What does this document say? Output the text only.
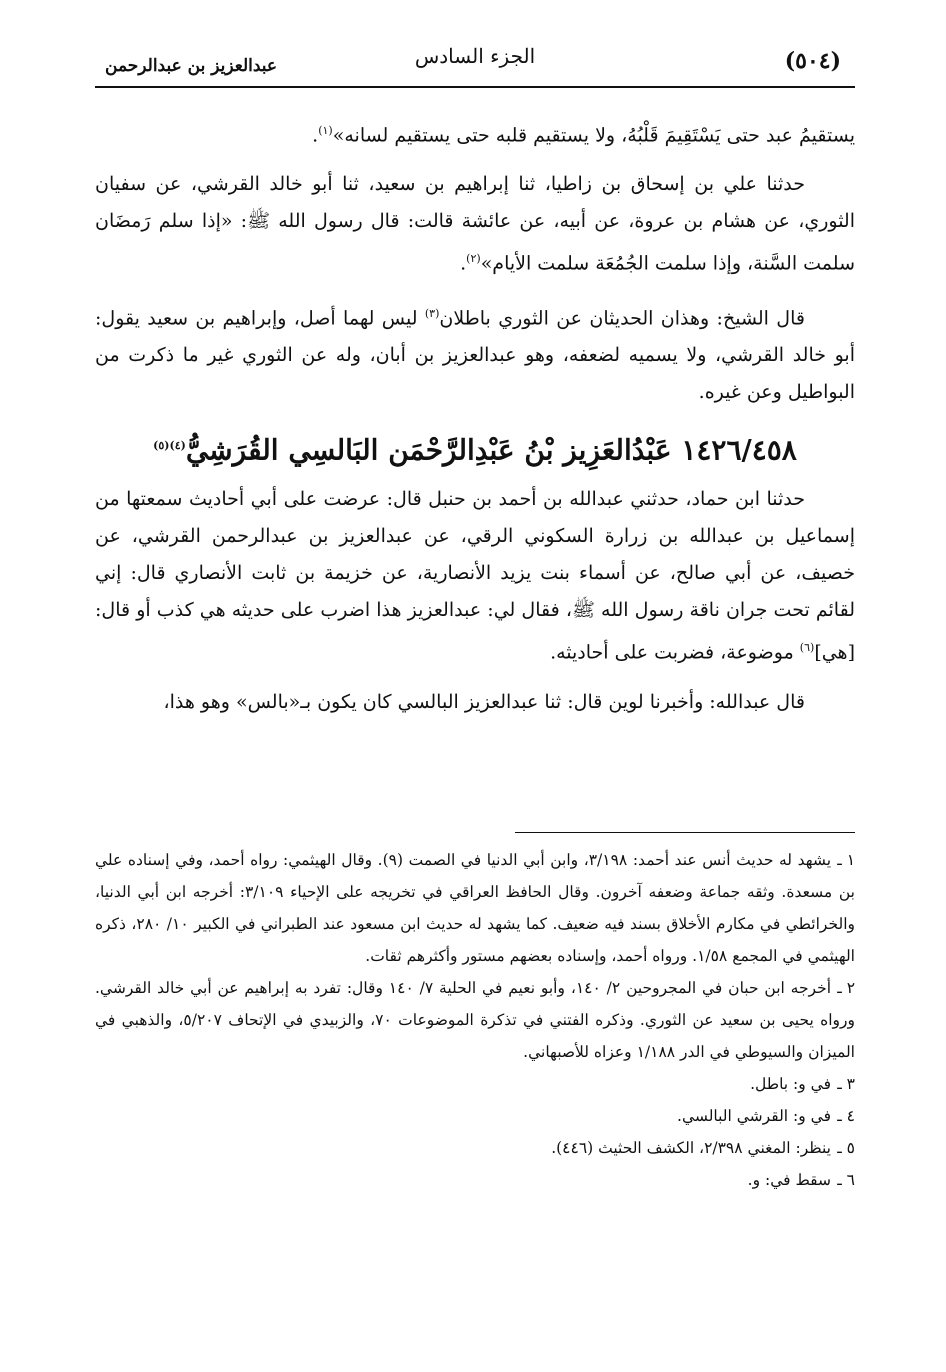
(٥٠٤)
الجزء السادس
عبدالعزيز بن عبدالرحمن

يستقيمُ عبد حتى يَسْتَقِيمَ قَلْبُهُ، ولا يستقيم قلبه حتى يستقيم لسانه»$^{(١)}$.

حدثنا علي بن إسحاق بن زاطيا، ثنا إبراهيم بن سعيد، ثنا أبو خالد القرشي، عن سفيان الثوري، عن هشام بن عروة، عن أبيه، عن عائشة قالت: قال رسول الله ﷺ: «إذا سلم رَمضَان سلمت السَّنة، وإذا سلمت الجُمُعَة سلمت الأيام»$^{(٢)}$.

قال الشيخ: وهذان الحديثان عن الثوري باطلان$^{(٣)}$ ليس لهما أصل، وإبراهيم بن سعيد يقول: أبو خالد القرشي، ولا يسميه لضعفه، وهو عبدالعزيز بن أبان، وله عن الثوري غير ما ذكرت من البواطيل وعن غيره.

١٤٢٦/٤٥٨ عَبْدُالعَزِيز بْنُ عَبْدِالرَّحْمَن البَالسِي القُرَشِيُّ$^{(٤)(٥)}$

حدثنا ابن حماد، حدثني عبدالله بن أحمد بن حنبل قال: عرضت على أبي أحاديث سمعتها من إسماعيل بن عبدالله بن زرارة السكوني الرقي، عن عبدالعزيز بن عبدالرحمن القرشي، عن خصيف، عن أبي صالح، عن أسماء بنت يزيد الأنصارية، عن خزيمة بن ثابت الأنصاري قال: إني لقائم تحت جران ناقة رسول الله ﷺ، فقال لي: عبدالعزيز هذا اضرب على حديثه هي كذب أو قال: [هي]$^{(٦)}$ موضوعة، فضربت على أحاديثه.

قال عبدالله: وأخبرنا لوين قال: ثنا عبدالعزيز البالسي كان يكون بـ«بالس» وهو هذا،

١ ـيشهد له حديث أنس عند أحمد: ٣/١٩٨، وابن أبي الدنيا في الصمت (٩). وقال الهيثمي: رواه أحمد، وفي إسناده علي بن مسعدة. وثقه جماعة وضعفه آخرون. وقال الحافظ العراقي في تخريجه على الإحياء ٣/١٠٩: أخرجه ابن أبي الدنيا، والخرائطي في مكارم الأخلاق بسند فيه ضعيف. كما يشهد له حديث ابن مسعود عند الطبراني في الكبير ١٠/ ٢٨٠، ذكره الهيثمي في المجمع ١/٥٨. ورواه أحمد، وإسناده بعضهم مستور وأكثرهم ثقات.

٢ ـأخرجه ابن حبان في المجروحين ٢/ ١٤٠، وأبو نعيم في الحلية ٧/ ١٤٠ وقال: تفرد به إبراهيم عن أبي خالد القرشي. ورواه يحيى بن سعيد عن الثوري. وذكره الفتني في تذكرة الموضوعات ٧٠، والزبيدي في الإتحاف ٥/٢٠٧، والذهبي في الميزان والسيوطي في الدر ١/١٨٨ وعزاه للأصبهاني.

٣ ـفي و: باطل.

٤ ـفي و: القرشي البالسي.

٥ ـينظر: المغني ٢/٣٩٨، الكشف الحثيث (٤٤٦).

٦ ـسقط في: و.
